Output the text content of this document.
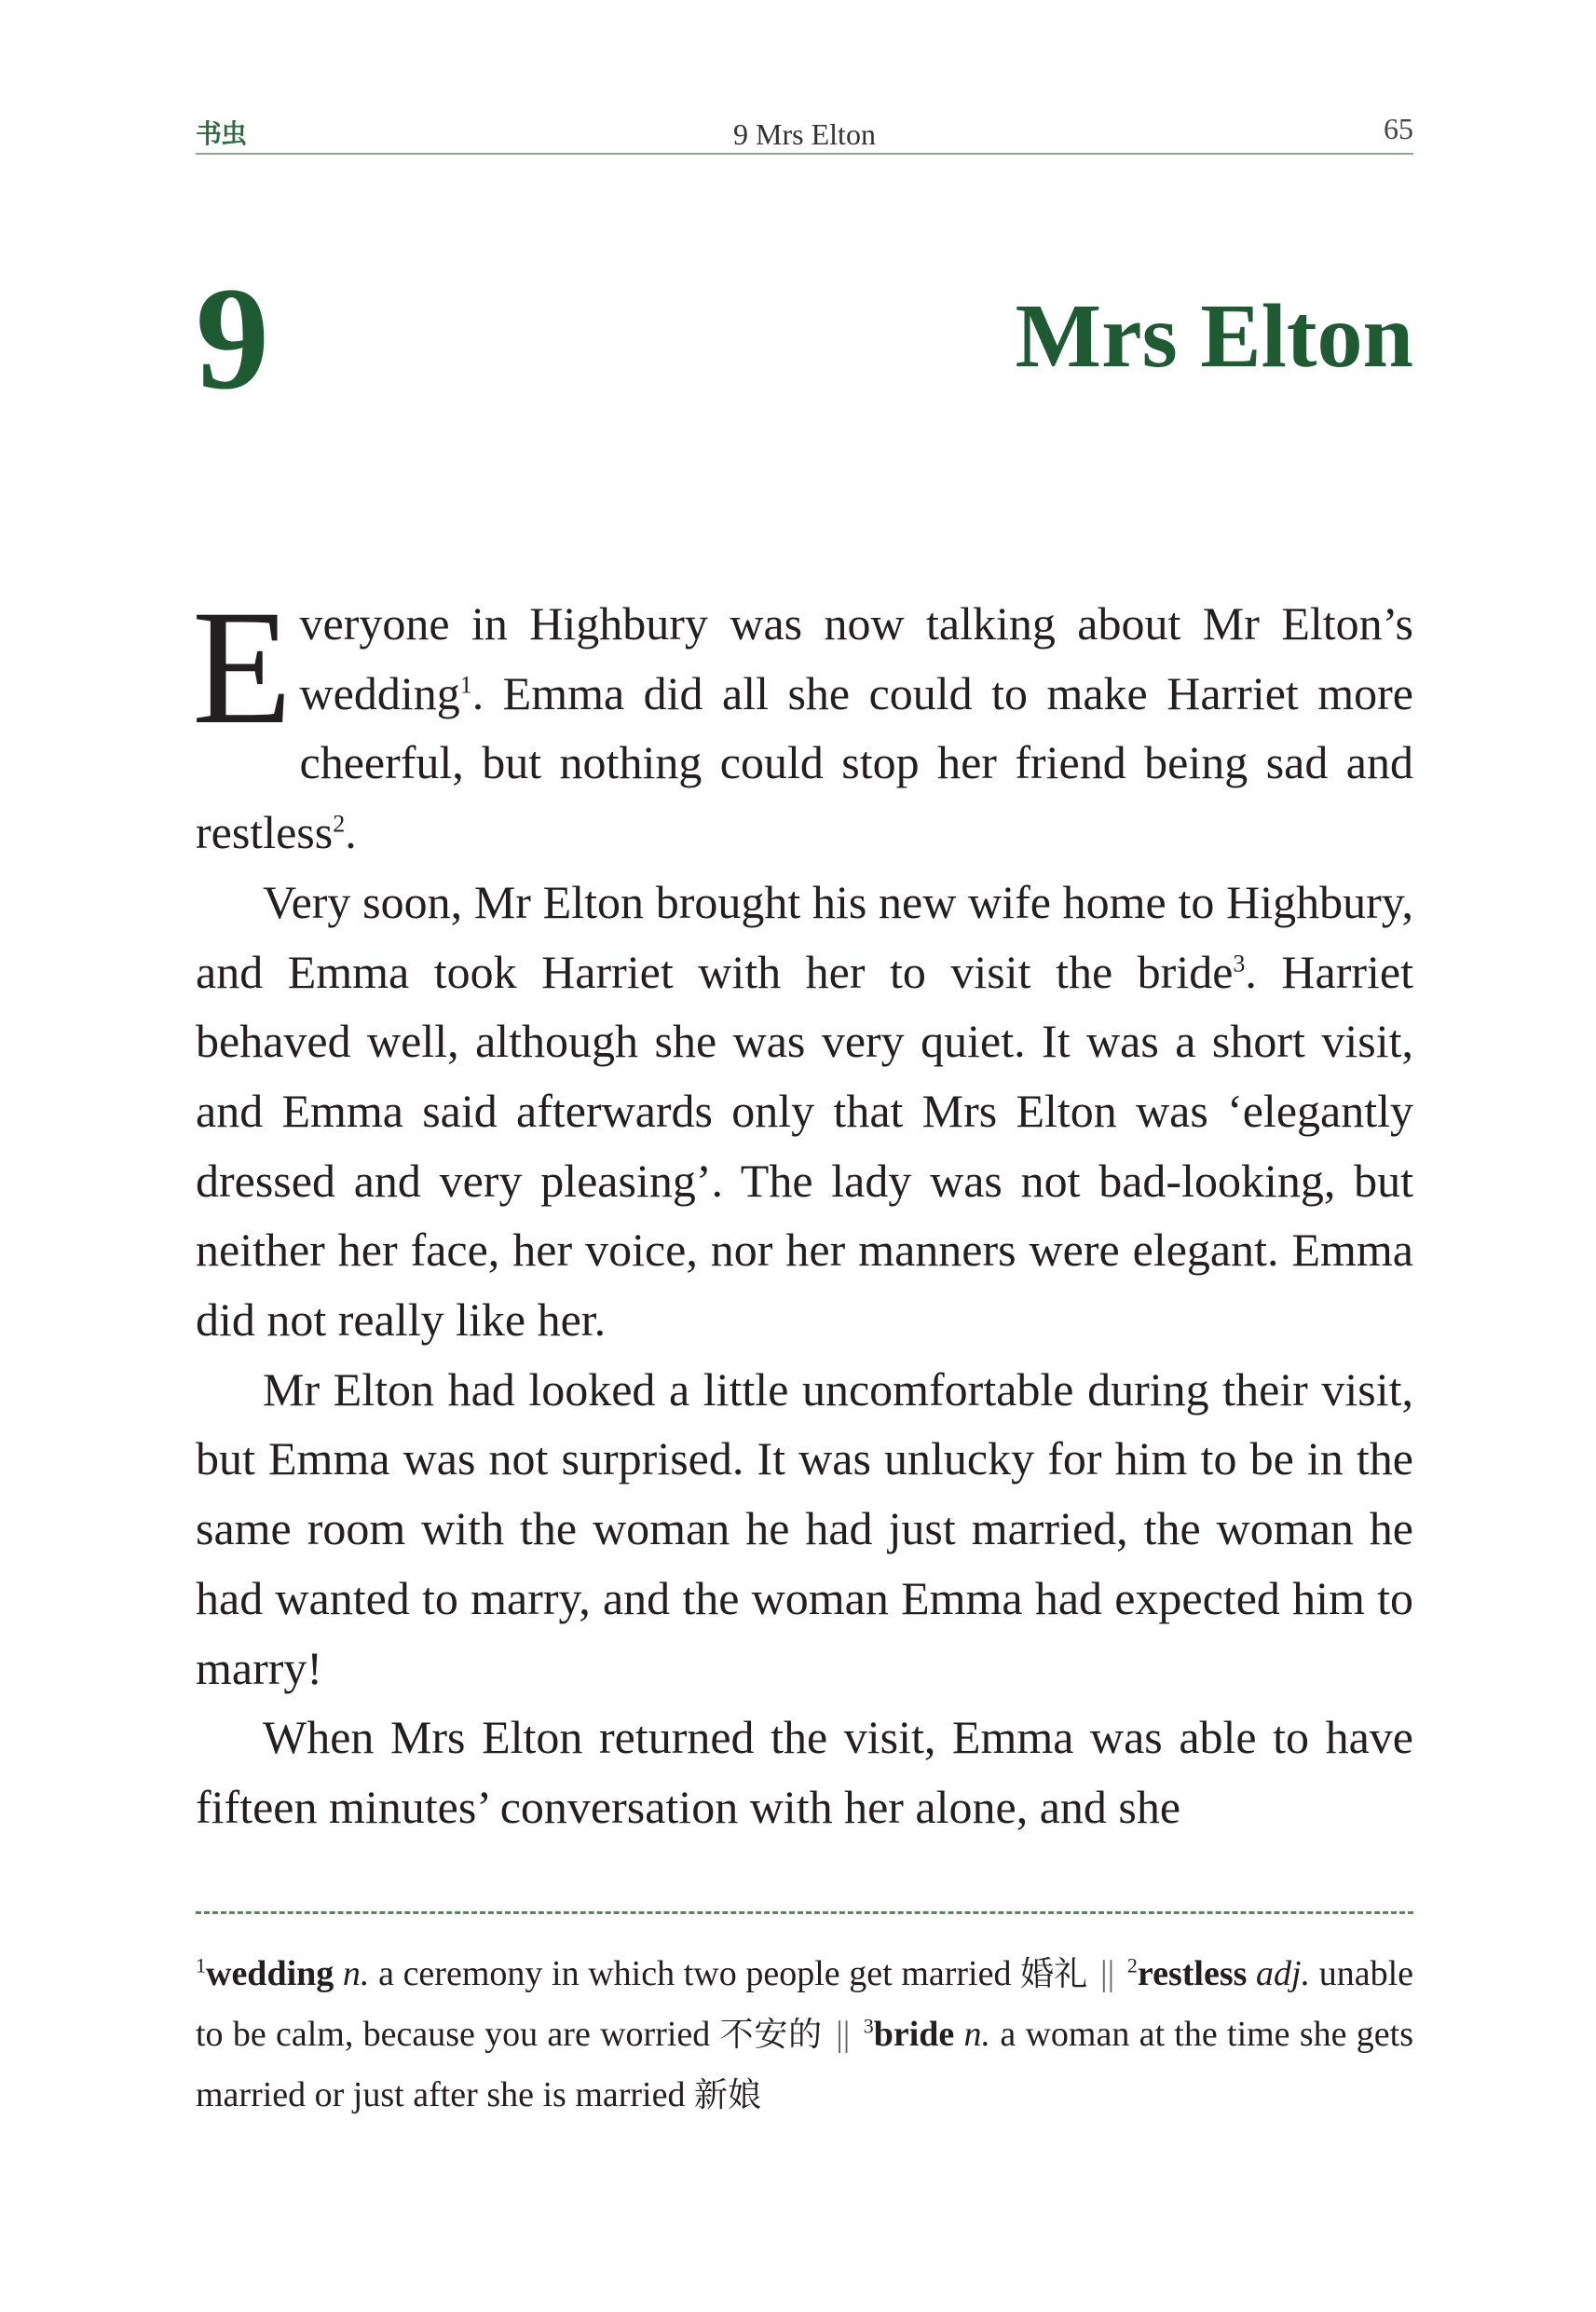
书虫	9 Mrs Elton	65
9	Mrs Elton

Everyone in Highbury was now talking about Mr Elton’s wedding$^1$. Emma did all she could to make Harriet more cheerful, but nothing could stop her friend being sad and restless$^2$.

Very soon, Mr Elton brought his new wife home to Highbury, and Emma took Harriet with her to visit the bride$^3$. Harriet behaved well, although she was very quiet. It was a short visit, and Emma said afterwards only that Mrs Elton was ‘elegantly dressed and very pleasing’. The lady was not bad-looking, but neither her face, her voice, nor her manners were elegant. Emma did not really like her.

Mr Elton had looked a little uncomfortable during their visit, but Emma was not surprised. It was unlucky for him to be in the same room with the woman he had just married, the woman he had wanted to marry, and the woman Emma had expected him to marry!

When Mrs Elton returned the visit, Emma was able to have fifteen minutes’ conversation with her alone, and she

$^1$wedding n. a ceremony in which two people get married 婚礼 || $^2$restless adj. unable to be calm, because you are worried 不安的 || $^3$bride n. a woman at the time she gets married or just after she is married 新娘
